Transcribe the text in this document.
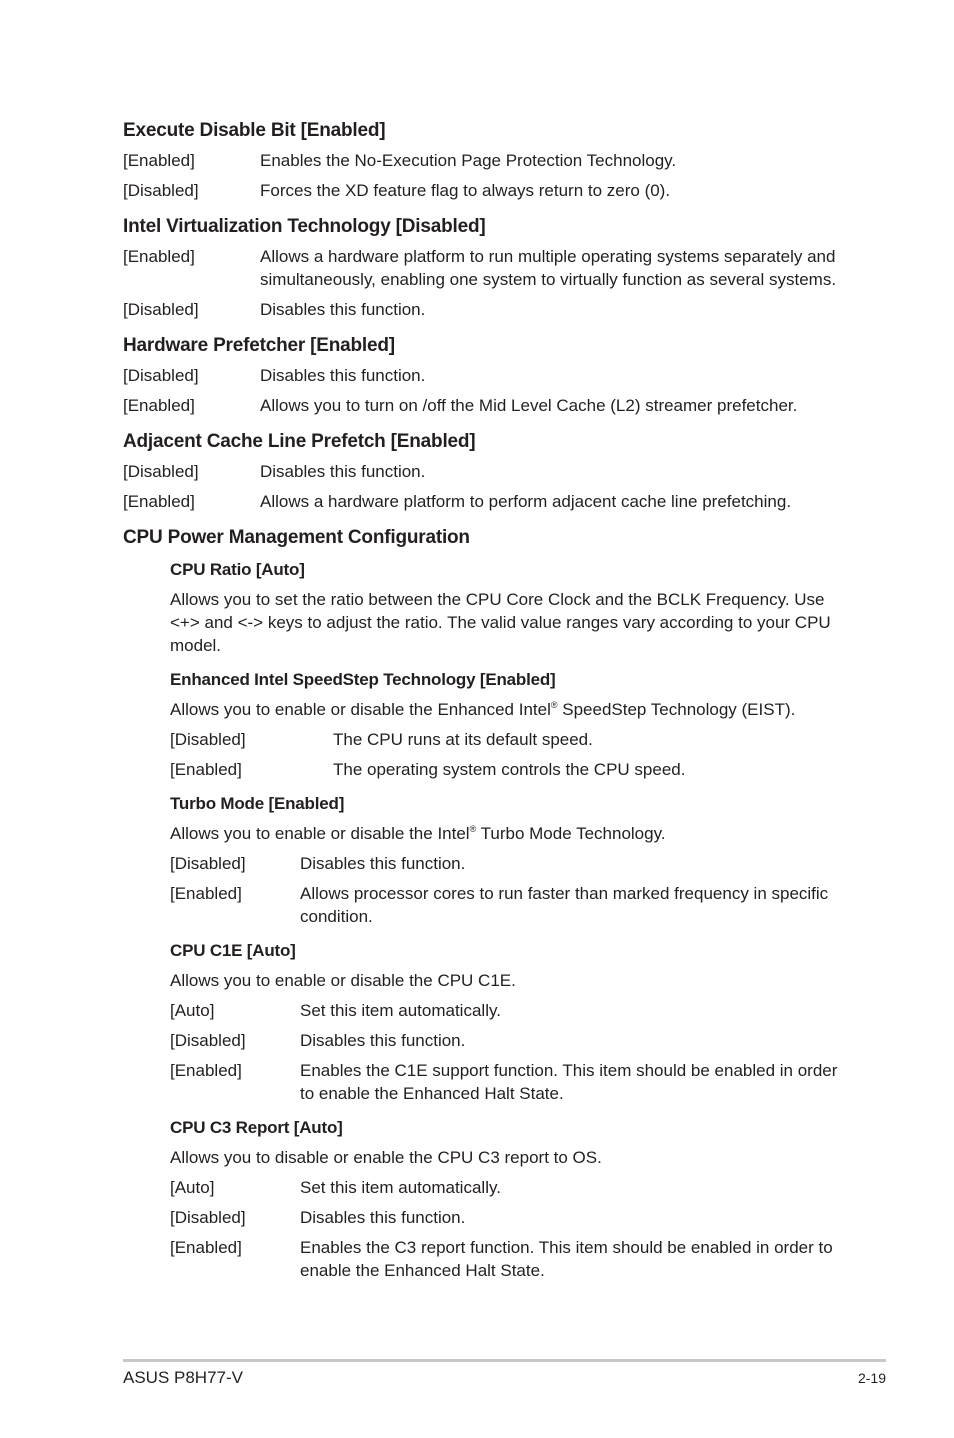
Execute Disable Bit [Enabled]
[Enabled]	Enables the No-Execution Page Protection Technology.
[Disabled]	Forces the XD feature flag to always return to zero (0).
Intel Virtualization Technology [Disabled]
[Enabled]	Allows a hardware platform to run multiple operating systems separately and simultaneously, enabling one system to virtually function as several systems.
[Disabled]	Disables this function.
Hardware Prefetcher [Enabled]
[Disabled]	Disables this function.
[Enabled]	Allows you to turn on /off the Mid Level Cache (L2) streamer prefetcher.
Adjacent Cache Line Prefetch [Enabled]
[Disabled]	Disables this function.
[Enabled]	Allows a hardware platform to perform adjacent cache line prefetching.
CPU Power Management Configuration
CPU Ratio [Auto]
Allows you to set the ratio between the CPU Core Clock and the BCLK Frequency. Use <+> and <-> keys to adjust the ratio. The valid value ranges vary according to your CPU model.
Enhanced Intel SpeedStep Technology [Enabled]
Allows you to enable or disable the Enhanced Intel® SpeedStep Technology (EIST).
[Disabled]	The CPU runs at its default speed.
[Enabled]	The operating system controls the CPU speed.
Turbo Mode [Enabled]
Allows you to enable or disable the Intel® Turbo Mode Technology.
[Disabled]	Disables this function.
[Enabled]	Allows processor cores to run faster than marked frequency in specific condition.
CPU C1E [Auto]
Allows you to enable or disable the CPU C1E.
[Auto]	Set this item automatically.
[Disabled]	Disables this function.
[Enabled]	Enables the C1E support function. This item should be enabled in order to enable the Enhanced Halt State.
CPU C3 Report [Auto]
Allows you to disable or enable the CPU C3 report to OS.
[Auto]	Set this item automatically.
[Disabled]	Disables this function.
[Enabled]	Enables the C3 report function. This item should be enabled in order to enable the Enhanced Halt State.
ASUS P8H77-V	2-19
